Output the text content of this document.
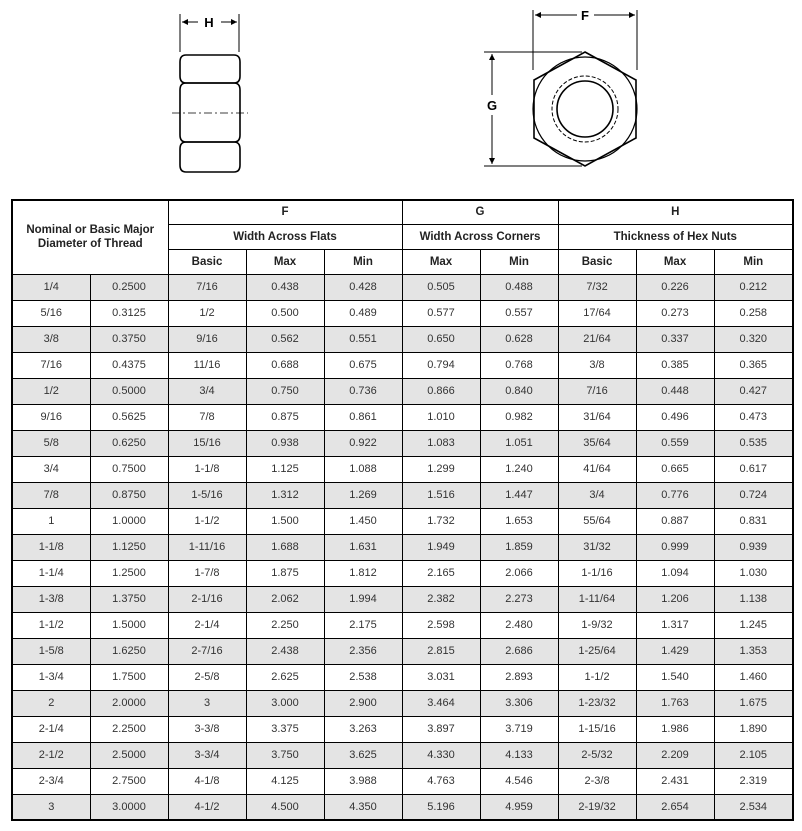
H	F
G
Nominal or Basic Major Diameter of Thread		F			G		H		
		Width Across Flats			Width Across Corners		Thickness of Hex Nuts		
		Basic	Max	Min	Max	Min	Basic	Max	Min
1/4	0.2500	7/16	0.438	0.428	0.505	0.488	7/32	0.226	0.212
5/16	0.3125	1/2	0.500	0.489	0.577	0.557	17/64	0.273	0.258
3/8	0.3750	9/16	0.562	0.551	0.650	0.628	21/64	0.337	0.320
7/16	0.4375	11/16	0.688	0.675	0.794	0.768	3/8	0.385	0.365
1/2	0.5000	3/4	0.750	0.736	0.866	0.840	7/16	0.448	0.427
9/16	0.5625	7/8	0.875	0.861	1.010	0.982	31/64	0.496	0.473
5/8	0.6250	15/16	0.938	0.922	1.083	1.051	35/64	0.559	0.535
3/4	0.7500	1-1/8	1.125	1.088	1.299	1.240	41/64	0.665	0.617
7/8	0.8750	1-5/16	1.312	1.269	1.516	1.447	3/4	0.776	0.724
1	1.0000	1-1/2	1.500	1.450	1.732	1.653	55/64	0.887	0.831
1-1/8	1.1250	1-11/16	1.688	1.631	1.949	1.859	31/32	0.999	0.939
1-1/4	1.2500	1-7/8	1.875	1.812	2.165	2.066	1-1/16	1.094	1.030
1-3/8	1.3750	2-1/16	2.062	1.994	2.382	2.273	1-11/64	1.206	1.138
1-1/2	1.5000	2-1/4	2.250	2.175	2.598	2.480	1-9/32	1.317	1.245
1-5/8	1.6250	2-7/16	2.438	2.356	2.815	2.686	1-25/64	1.429	1.353
1-3/4	1.7500	2-5/8	2.625	2.538	3.031	2.893	1-1/2	1.540	1.460
2	2.0000	3	3.000	2.900	3.464	3.306	1-23/32	1.763	1.675
2-1/4	2.2500	3-3/8	3.375	3.263	3.897	3.719	1-15/16	1.986	1.890
2-1/2	2.5000	3-3/4	3.750	3.625	4.330	4.133	2-5/32	2.209	2.105
2-3/4	2.7500	4-1/8	4.125	3.988	4.763	4.546	2-3/8	2.431	2.319
3	3.0000	4-1/2	4.500	4.350	5.196	4.959	2-19/32	2.654	2.534
